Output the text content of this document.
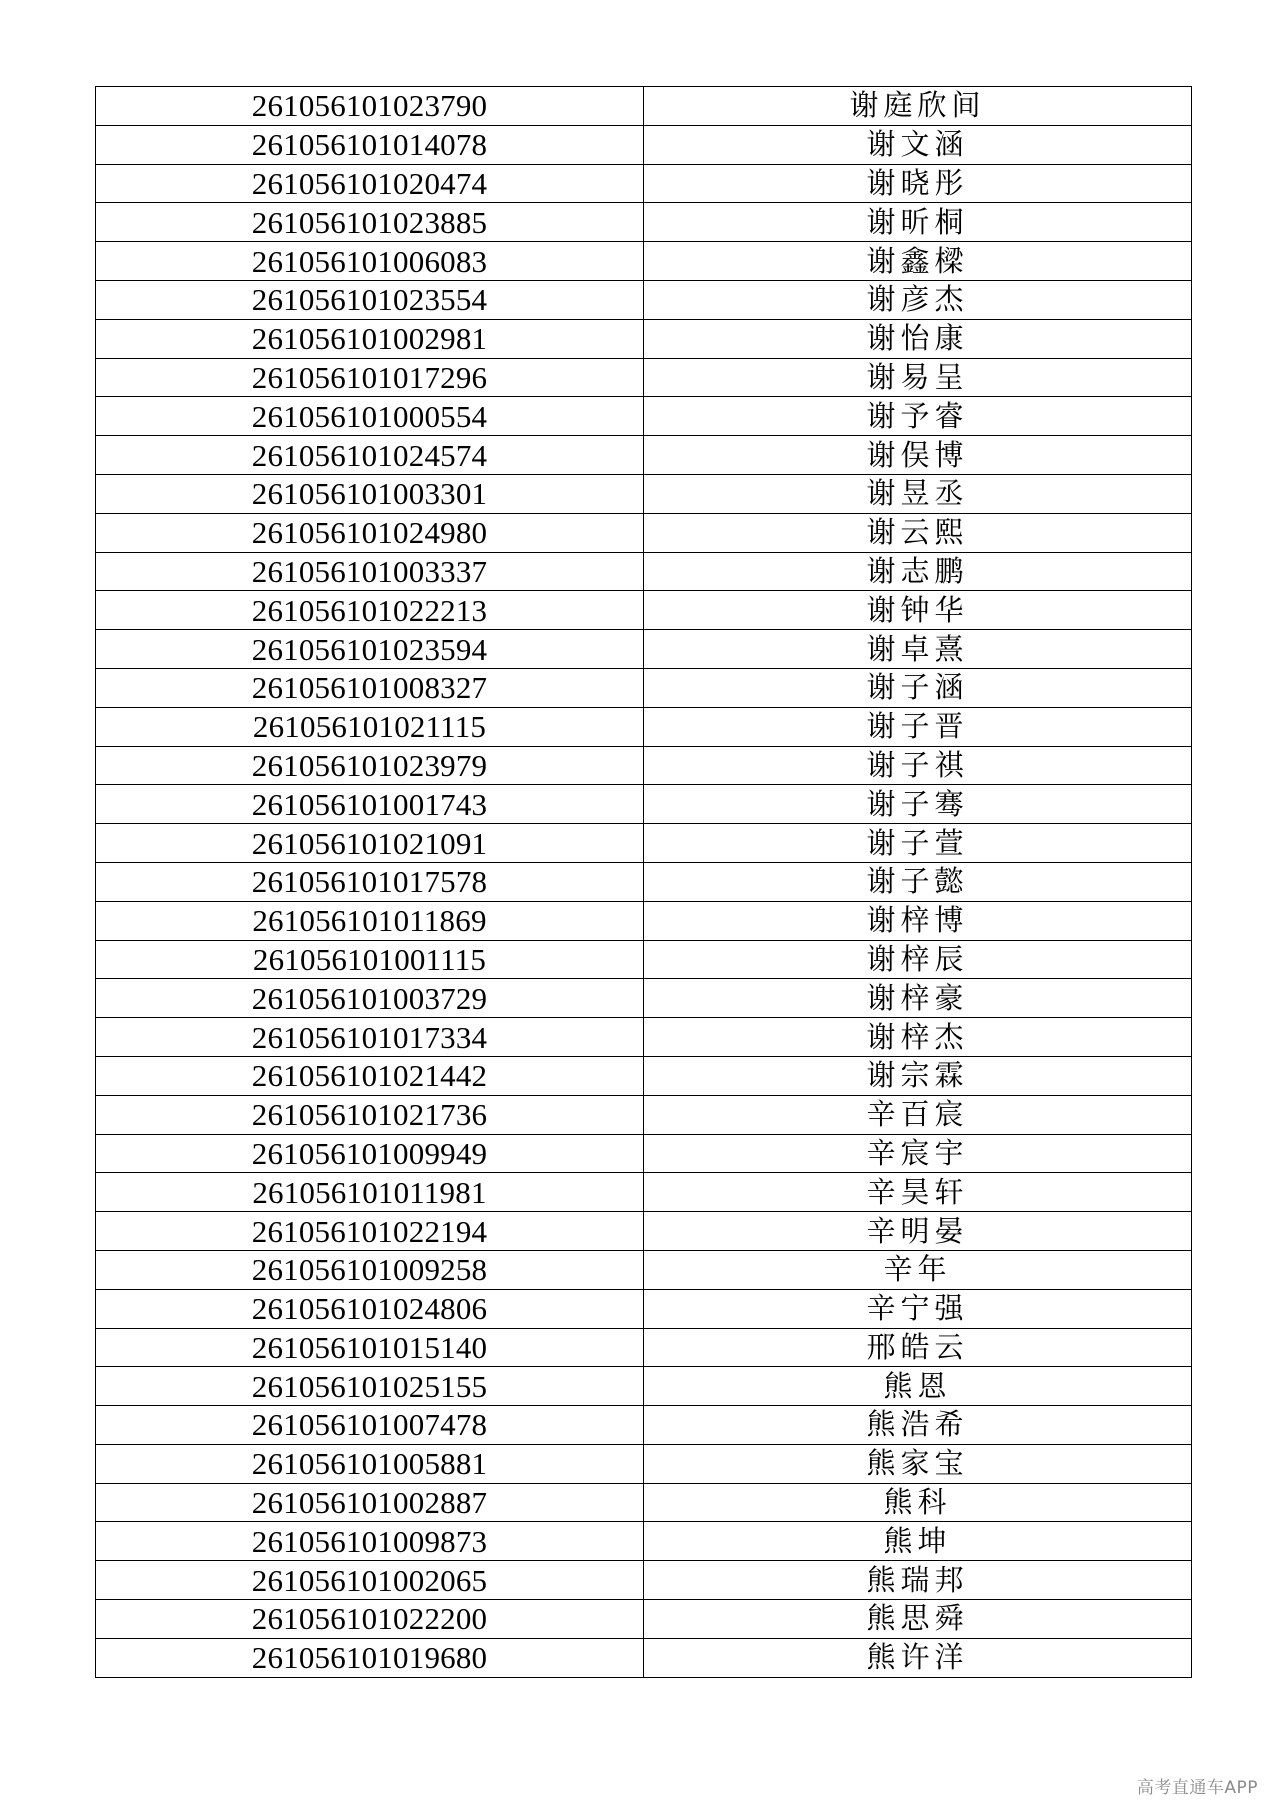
261056101023790	谢庭欣间
261056101014078	谢文涵
261056101020474	谢晓彤
261056101023885	谢昕桐
261056101006083	谢鑫樑
261056101023554	谢彦杰
261056101002981	谢怡康
261056101017296	谢易呈
261056101000554	谢予睿
261056101024574	谢俣博
261056101003301	谢昱丞
261056101024980	谢云熙
261056101003337	谢志鹏
261056101022213	谢钟华
261056101023594	谢卓熹
261056101008327	谢子涵
261056101021115	谢子晋
261056101023979	谢子祺
261056101001743	谢子骞
261056101021091	谢子萱
261056101017578	谢子懿
261056101011869	谢梓博
261056101001115	谢梓辰
261056101003729	谢梓豪
261056101017334	谢梓杰
261056101021442	谢宗霖
261056101021736	辛百宸
261056101009949	辛宸宇
261056101011981	辛昊轩
261056101022194	辛明晏
261056101009258	辛年
261056101024806	辛宁强
261056101015140	邢皓云
261056101025155	熊恩
261056101007478	熊浩希
261056101005881	熊家宝
261056101002887	熊科
261056101009873	熊坤
261056101002065	熊瑞邦
261056101022200	熊思舜
261056101019680	熊许洋
高考直通车APP
